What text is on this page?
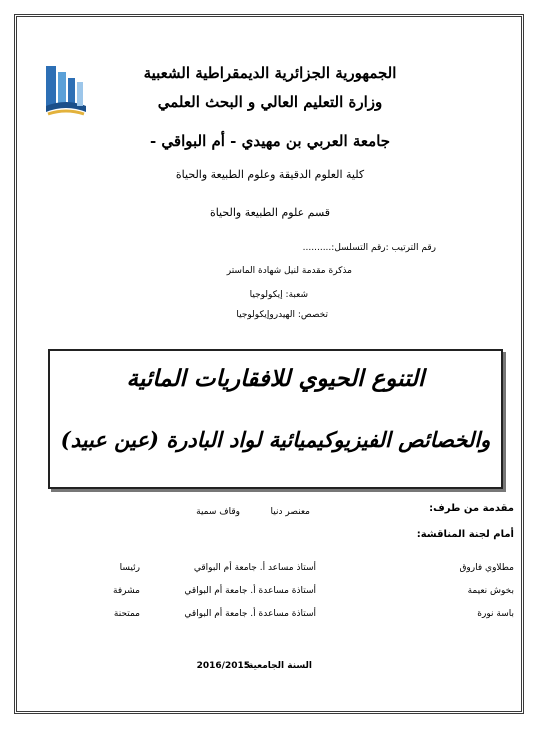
الجمهورية الجزائرية الديمقراطية الشعبية
وزارة التعليم العالي و البحث العلمي
جامعة العربي بن مهيدي - أم البواقي -
كلية العلوم الدقيقة وعلوم الطبيعة والحياة
قسم علوم الطبيعة والحياة
رقم الترتيب :رقم التسلسل:..........
مذكرة مقدمة لنيل شهادة الماستر
شعبة: إيكولوجيا
تخصص: الهيدروإيكولوجيا
التنوع الحيوي للافقاريات المائية
والخصائص الفيزيوكيميائية لواد البادرة (عين عبيد)
مقدمة من طرف:
معنصر دنيا
وقاف سمية
أمام لجنة المناقشة:
مطلاوي فاروق
أستاذ مساعد أ. جامعة أم البواقي
رئيسا
بخوش نعيمة
أستاذة مساعدة أ. جامعة أم البواقي
مشرفة
باسة نورة
أستاذة مساعدة أ. جامعة أم البواقي
ممتحنة
السنة الجامعية:
2016/2015
